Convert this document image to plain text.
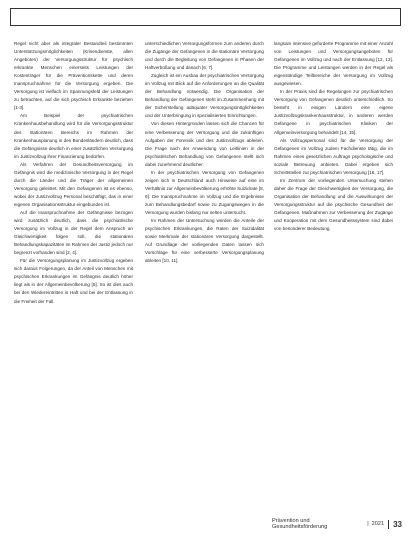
Regel nicht aber als integraler Bestandteil bestimmten Unterstützungsmöglichkeiten (Krisendienste, allen Angeboten) der Versorgungsstruktur für psychisch erkrankte Menschen einerseits Leistungen der Kostenträger für die Präventionskette und deren Inanspruchnahme für die Versorgung ergeben. Die Versorgung ist vielfach im Spannungsfeld der Leistungen zu betrachten, auf die sich psychisch Erkrankte beziehen [1-3].

Am Beispiel der psychiatrischen Krankenhausbehandlung wird für die Versorgungsstruktur des stationären Bereichs im Rahmen der Krankenhausplanung in den Bundesländern deutlich, dass die Gefängnisse deutlich in einer zusätzlichen Versorgung im Justizvollzug ihrer Finanzierung bedürfen.

Als Verfahren der Gesundheitsversorgung im Gefängnis wird die medizinische Versorgung in der Regel durch die Länder und die Träger der allgemeinen Versorgung geleistet. Mit den Gefangenen ist es ebenso, wobei der Justizvollzug Personal beschäftigt, das in einer eigenen Organisationsstruktur eingebunden ist.

Auf die Inanspruchnahme der Gefängnisse bezogen wird zusätzlich deutlich, dass die psychiatrische Versorgung im Vollzug in der Regel dem Anspruch an Gleichwertigkeit folgen soll, die stationären Behandlungskapazitäten im Rahmen der Justiz jedoch nur begrenzt vorhanden sind [2, 4].

Für die Versorgungsplanung im Justizvollzug ergeben sich daraus Folgerungen, da der Anteil von Menschen mit psychischen Erkrankungen im Gefängnis deutlich höher liegt als in der Allgemeinbevölkerung [5]. So ist dies auch bei den Wiedereintritten in Haft und bei der Entlassung in die Freiheit der Fall.

unterschiedlichen Versorgungsformen zum anderen durch die Zugänge der Gefangenen in die stationäre Versorgung und durch die Begleitung von Gefangenen in Phasen der Haftverbüßung und danach [6, 7].

Zugleich ist ein Ausbau der psychiatrischen Versorgung im Vollzug mit Blick auf die Anforderungen an die Qualität der Behandlung notwendig. Die Organisation der Behandlung der Gefangenen steht im Zusammenhang mit der Sicherstellung adäquater Versorgungsmöglichkeiten und der Unterbringung in spezialisierten Einrichtungen.

Von diesen Hintergründen lassen sich die Chancen für eine Verbesserung der Versorgung und die zukünftigen Aufgaben der Forensik und des Justizvollzugs ableiten. Die Frage nach der Anwendung von Leitlinien in der psychiatrischen Behandlung von Gefangenen stellt sich dabei zunehmend deutlicher.

In der psychiatrischen Versorgung von Gefangenen zeigen sich in Deutschland auch Hinweise auf eine im Verhältnis zur Allgemeinbevölkerung erhöhte Suizidrate [8, 9]. Die Inanspruchnahme im Vollzug und die Ergebnisse zum Behandlungsbedarf sowie zu Zugangswegen in die Versorgung wurden bislang nur selten untersucht.

Im Rahmen der Untersuchung werden die Anteile der psychischen Erkrankungen, die Raten der Suizidalität sowie Merkmale der stationären Versorgung dargestellt. Auf Grundlage der vorliegenden Daten lassen sich Vorschläge für eine verbesserte Versorgungsplanung ableiten [10, 11].

langsam intensive geforderte Programme mit einer Anzahl von Leistungen und Versorgungsangeboten für Gefangenen im Vollzug und nach der Entlassung [12, 13]. Die Programme und Leistungen werden in der Regel als eigenständige Teilbereiche der Versorgung im Vollzug ausgewiesen.

In der Praxis sind die Regelungen zur psychiatrischen Versorgung von Gefangenen deutlich unterschiedlich. So besteht in einigen Ländern eine eigene Justizvollzugskrankenhausstruktur, in anderen werden Gefangene in psychiatrischen Kliniken der Allgemeinversorgung behandelt [14, 15].

Als Vollzugspersonal sind für die Versorgung der Gefangenen im Vollzug zudem Fachdienste tätig, die im Rahmen eines gesetzlichen Auftrags psychologische und soziale Betreuung anbieten. Dabei ergeben sich Schnittstellen zur psychiatrischen Versorgung [16, 17].

Im Zentrum der vorliegenden Untersuchung stehen daher die Frage der Gleichwertigkeit der Versorgung, die Organisation der Behandlung und die Auswirkungen der Versorgungsstruktur auf die psychische Gesundheit der Gefangenen. Maßnahmen zur Verbesserung der Zugänge und Kooperation mit dem Gesundheitssystem sind dabei von besonderer Bedeutung.

Prävention und Gesundheitsförderung	| 2021	33
